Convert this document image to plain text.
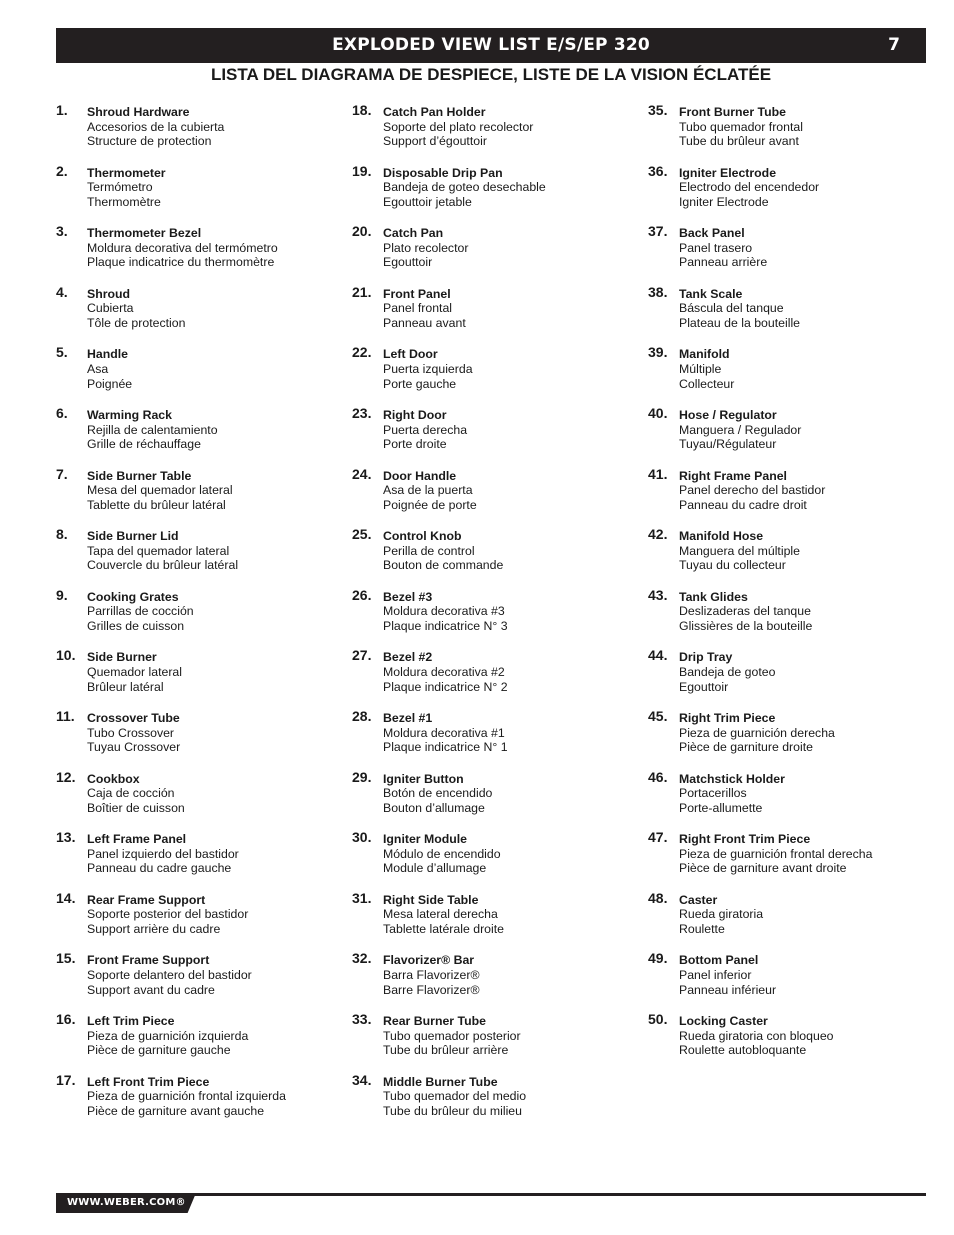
EXPLODED VIEW LIST E/S/EP 320	7
LISTA DEL DIAGRAMA DE DESPIECE, LISTE DE LA VISION ÉCLATÉE
1. Shroud Hardware
Accesorios de la cubierta
Structure de protection
2. Thermometer
Termómetro
Thermomètre
3. Thermometer Bezel
Moldura decorativa del termómetro
Plaque indicatrice du thermomètre
4. Shroud
Cubierta
Tôle de protection
5. Handle
Asa
Poignée
6. Warming Rack
Rejilla de calentamiento
Grille de réchauffage
7. Side Burner Table
Mesa del quemador lateral
Tablette du brûleur latéral
8. Side Burner Lid
Tapa del quemador lateral
Couvercle du brûleur latéral
9. Cooking Grates
Parrillas de cocción
Grilles de cuisson
10. Side Burner
Quemador lateral
Brûleur latéral
11. Crossover Tube
Tubo Crossover
Tuyau Crossover
12. Cookbox
Caja de cocción
Boîtier de cuisson
13. Left Frame Panel
Panel izquierdo del bastidor
Panneau du cadre gauche
14. Rear Frame Support
Soporte posterior del bastidor
Support arrière du cadre
15. Front Frame Support
Soporte delantero del bastidor
Support avant du cadre
16. Left Trim Piece
Pieza de guarnición izquierda
Pièce de garniture gauche
17. Left Front Trim Piece
Pieza de guarnición frontal izquierda
Pièce de garniture avant gauche
18. Catch Pan Holder
Soporte del plato recolector
Support d’égouttoir
19. Disposable Drip Pan
Bandeja de goteo desechable
Egouttoir jetable
20. Catch Pan
Plato recolector
Egouttoir
21. Front Panel
Panel frontal
Panneau avant
22. Left Door
Puerta izquierda
Porte gauche
23. Right Door
Puerta derecha
Porte droite
24. Door Handle
Asa de la puerta
Poignée de porte
25. Control Knob
Perilla de control
Bouton de commande
26. Bezel #3
Moldura decorativa #3
Plaque indicatrice N° 3
27. Bezel #2
Moldura decorativa #2
Plaque indicatrice N° 2
28. Bezel #1
Moldura decorativa #1
Plaque indicatrice N° 1
29. Igniter Button
Botón de encendido
Bouton d’allumage
30. Igniter Module
Módulo de encendido
Module d’allumage
31. Right Side Table
Mesa lateral derecha
Tablette latérale droite
32. Flavorizer® Bar
Barra Flavorizer®
Barre Flavorizer®
33. Rear Burner Tube
Tubo quemador posterior
Tube du brûleur arrière
34. Middle Burner Tube
Tubo quemador del medio
Tube du brûleur du milieu
35. Front Burner Tube
Tubo quemador frontal
Tube du brûleur avant
36. Igniter Electrode
Electrodo del encendedor
Igniter Electrode
37. Back Panel
Panel trasero
Panneau arrière
38. Tank Scale
Báscula del tanque
Plateau de la bouteille
39. Manifold
Múltiple
Collecteur
40. Hose / Regulator
Manguera / Regulador
Tuyau/Régulateur
41. Right Frame Panel
Panel derecho del bastidor
Panneau du cadre droit
42. Manifold Hose
Manguera del múltiple
Tuyau du collecteur
43. Tank Glides
Deslizaderas del tanque
Glissières de la bouteille
44. Drip Tray
Bandeja de goteo
Egouttoir
45. Right Trim Piece
Pieza de guarnición derecha
Pièce de garniture droite
46. Matchstick Holder
Portacerillos
Porte-allumette
47. Right Front Trim Piece
Pieza de guarnición frontal derecha
Pièce de garniture avant droite
48. Caster
Rueda giratoria
Roulette
49. Bottom Panel
Panel inferior
Panneau inférieur
50. Locking Caster
Rueda giratoria con bloqueo
Roulette autobloquante
WWW.WEBER.COM®
